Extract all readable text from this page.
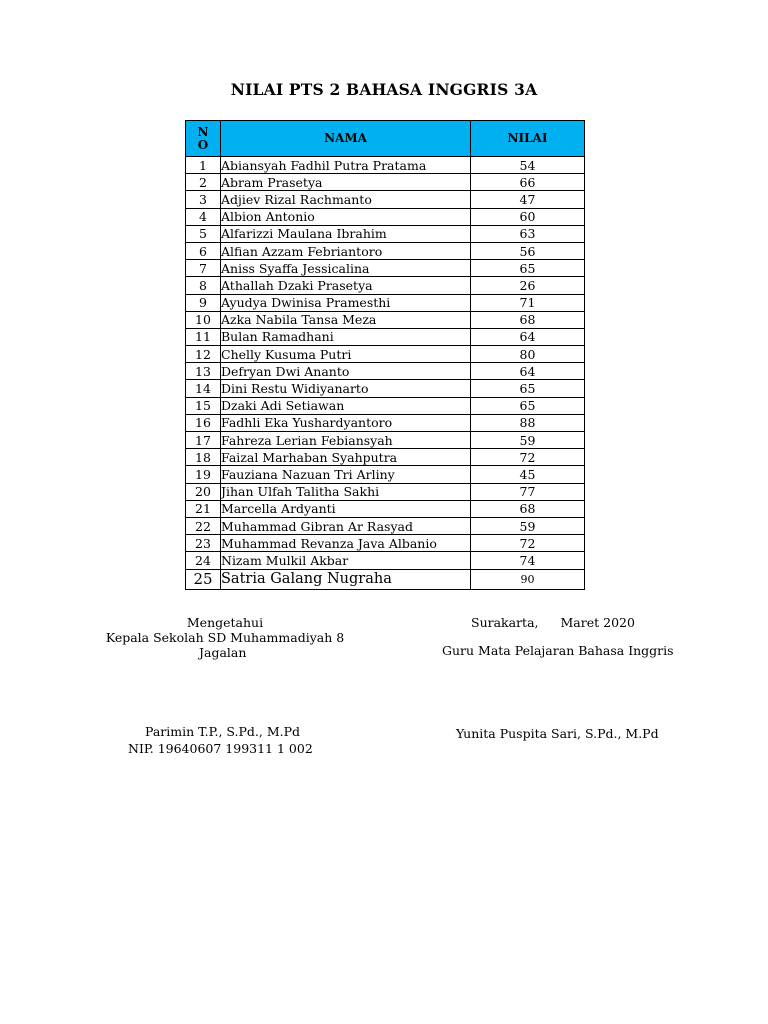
NILAI PTS 2 BAHASA INGGRIS 3A
N
O	NAMA	NILAI
1	Abiansyah Fadhil Putra Pratama	54
2	Abram Prasetya	66
3	Adjiev Rizal Rachmanto	47
4	Albion Antonio	60
5	Alfarizzi Maulana Ibrahim	63
6	Alfian Azzam Febriantoro	56
7	Aniss Syaffa Jessicalina	65
8	Athallah Dzaki Prasetya	26
9	Ayudya Dwinisa Pramesthi	71
10	Azka Nabila Tansa Meza	68
11	Bulan Ramadhani	64
12	Chelly Kusuma Putri	80
13	Defryan Dwi Ananto	64
14	Dini Restu Widiyanarto	65
15	Dzaki Adi Setiawan	65
16	Fadhli Eka Yushardyantoro	88
17	Fahreza Lerian Febiansyah	59
18	Faizal Marhaban Syahputra	72
19	Fauziana Nazuan Tri Arliny	45
20	Jihan Ulfah Talitha Sakhi	77
21	Marcella Ardyanti	68
22	Muhammad Gibran Ar Rasyad	59
23	Muhammad Revanza Java Albanio	72
24	Nizam Mulkil Akbar	74
25	Satria Galang Nugraha	90
Mengetahui
Kepala Sekolah SD Muhammadiyah 8
Jagalan
Surakarta, Maret 2020
Guru Mata Pelajaran Bahasa Inggris
Parimin T.P., S.Pd., M.Pd
NIP. 19640607 199311 1 002
Yunita Puspita Sari, S.Pd., M.Pd
